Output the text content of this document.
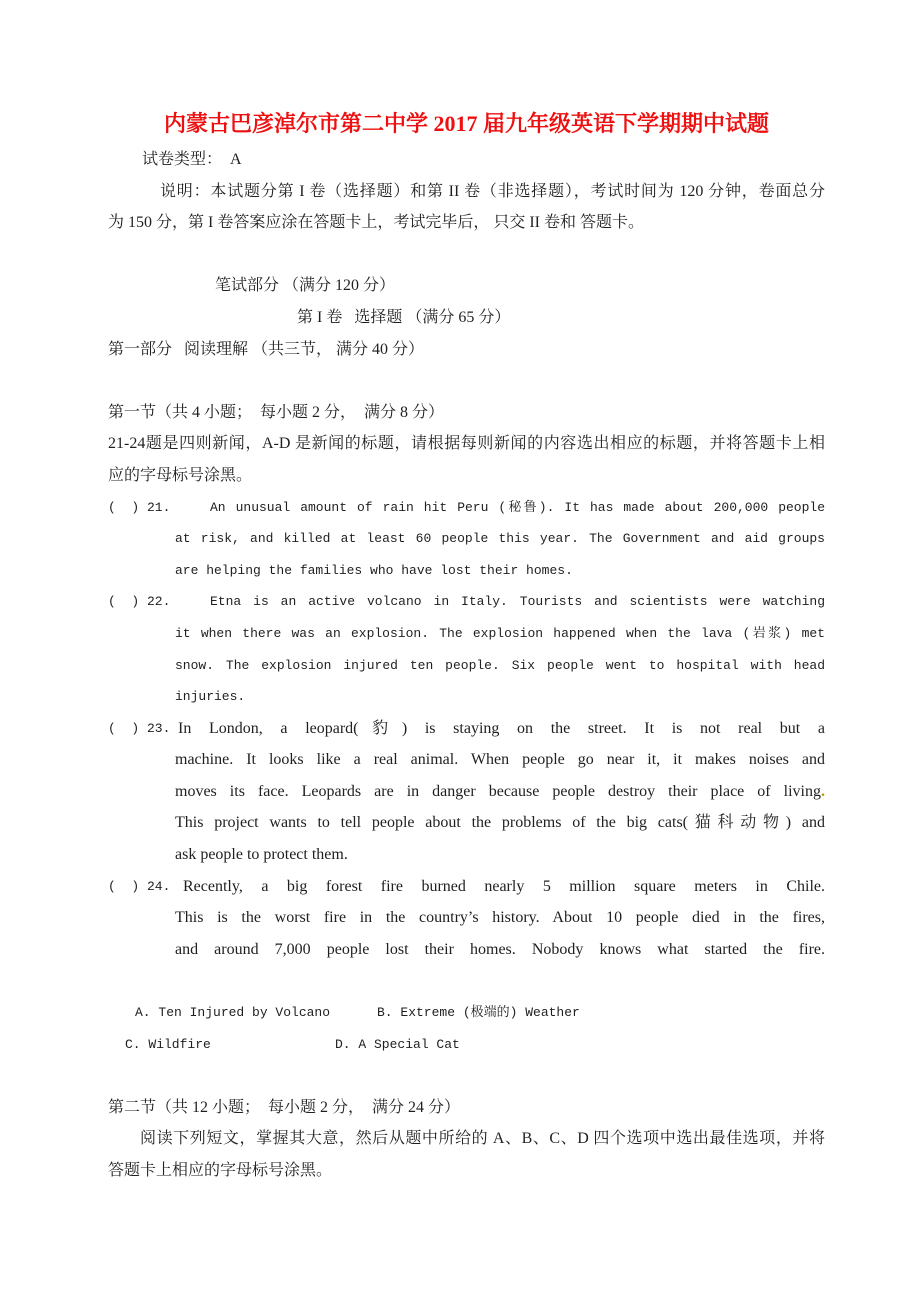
内蒙古巴彦淖尔市第二中学 2017 届九年级英语下学期期中试题
试卷类型：  A
说明：本试题分第 I 卷（选择题）和第 II 卷（非选择题），考试时间为 120 分钟，卷面总分
为 150 分，第 I 卷答案应涂在答题卡上，考试完毕后， 只交 II 卷和 答题卡。
笔试部分 （满分 120 分）
第 I 卷   选择题 （满分 65 分）
第一部分   阅读理解 （共三节， 满分 40 分）
第一节（共 4 小题；  每小题 2 分，  满分 8 分）
21-24题是四则新闻，A-D 是新闻的标题，请根据每则新闻的内容选出相应的标题，并将答题卡上相
应的字母标号涂黑。
(  ) 21.	An unusual amount of rain hit Peru (秘鲁). It has made about 200,000 people
at risk, and killed at least 60 people this year. The Government and aid groups
are helping the families who have lost their homes.
(  ) 22.	Etna is an active volcano in Italy. Tourists and scientists were watching
it when there was an explosion. The explosion happened when the lava (岩浆) met
snow. The explosion injured ten people. Six people went to hospital with head
injuries.
(  ) 23. In London, a leopard(豹) is staying on the street. It is not real but a
machine. It looks like a real animal. When people go near it, it makes noises and
moves its face. Leopards are in danger because people destroy their place of living .
This project wants to tell people about the problems of the big cats(猫科动物) and
ask people to protect them.
(  ) 24. Recently, a big forest fire burned nearly 5 million square meters in Chile.
This is the worst fire in the country’s history. About 10 people died in the fires,
and around 7,000 people lost their homes. Nobody knows what started the fire.
A. Ten Injured by Volcano	B. Extreme (极端的) Weather
C. Wildfire	D. A Special Cat
第二节（共 12 小题；  每小题 2 分，  满分 24 分）
阅读下列短文，掌握其大意，然后从题中所给的 A、B、C、D 四个选项中选出最佳选项，并将
答题卡上相应的字母标号涂黑。
